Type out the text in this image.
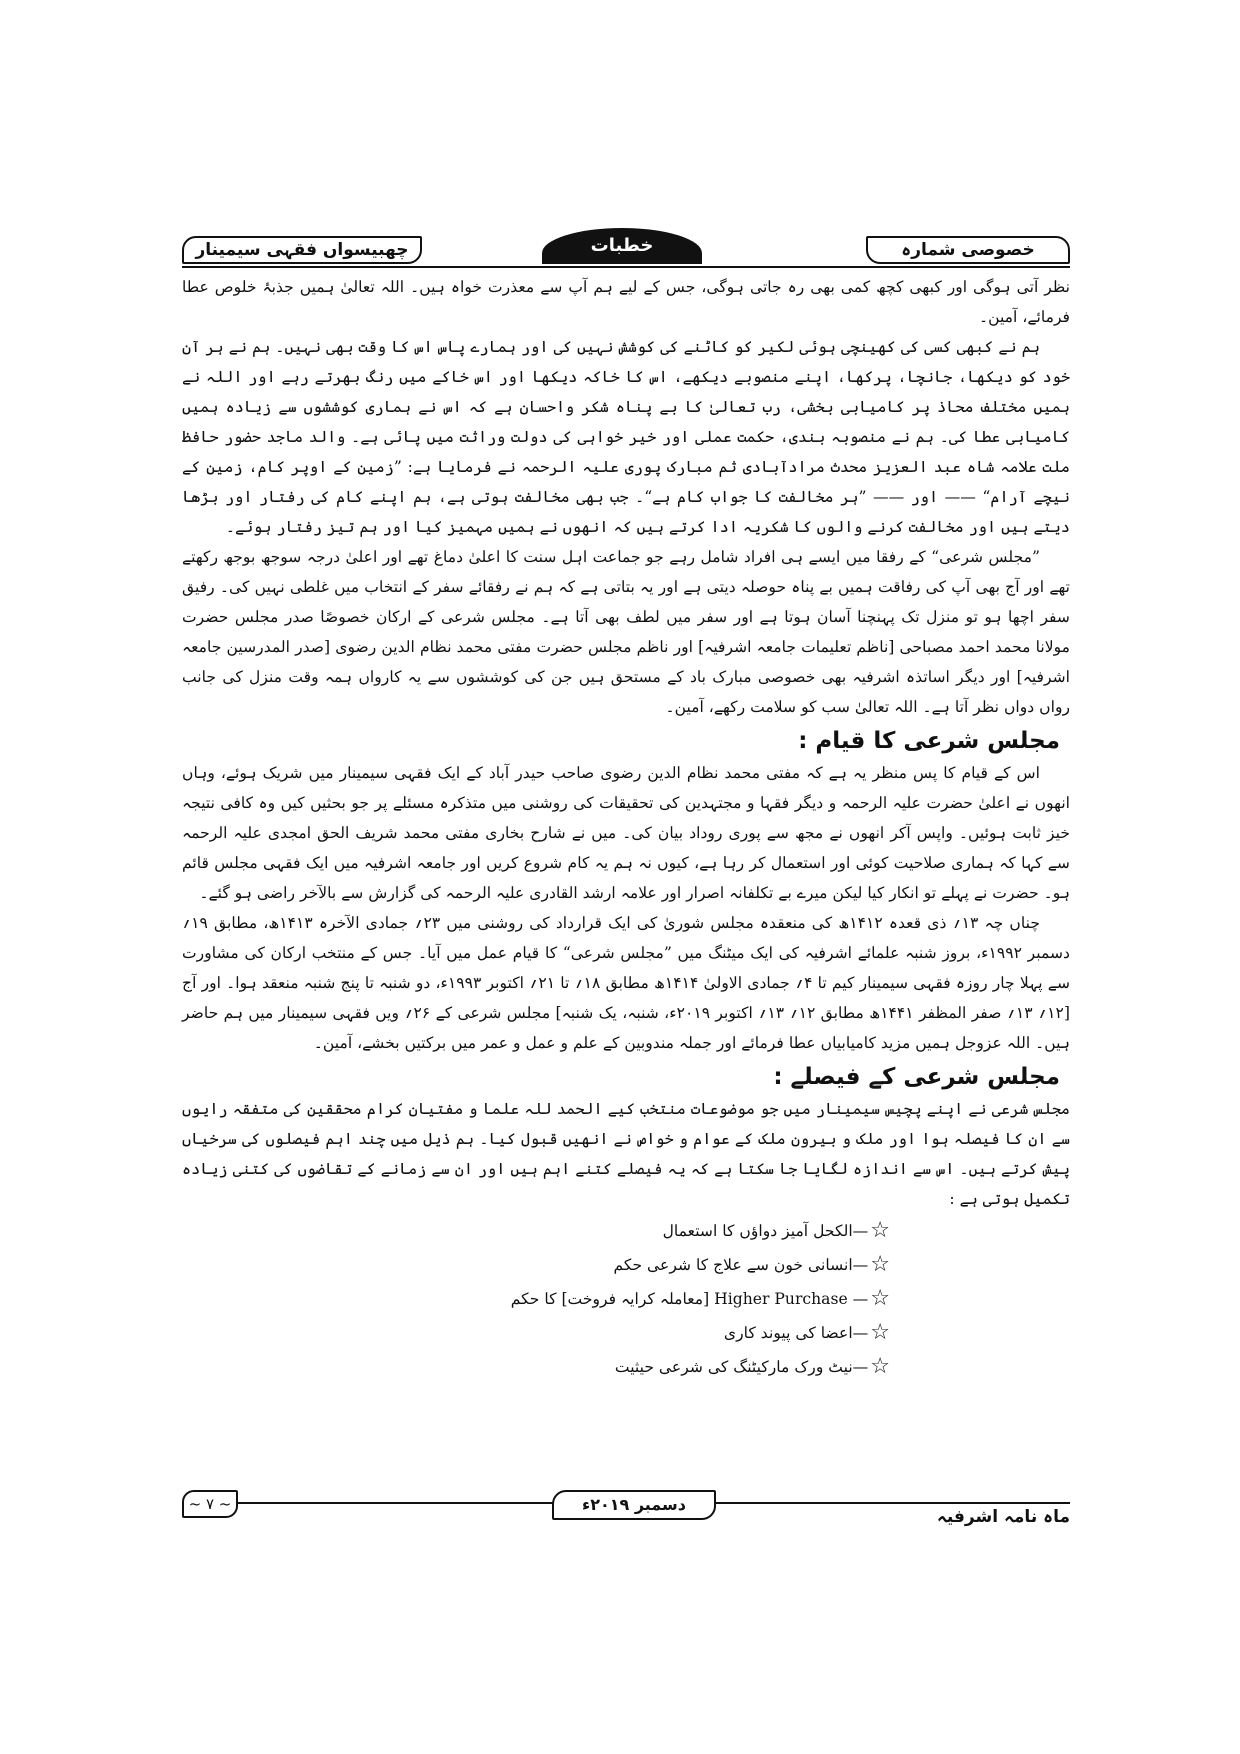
خصوصی شمارہ
خطبات
چھبیسواں فقہی سیمینار

نظر آتی ہوگی اور کبھی کچھ کمی بھی رہ جاتی ہوگی، جس کے لیے ہم آپ سے معذرت خواہ ہیں۔ اللہ تعالیٰ ہمیں جذبۂ خلوص عطا فرمائے، آمین۔

ہم نے کبھی کسی کی کھینچی ہوئی لکیر کو کاٹنے کی کوشش نہیں کی اور ہمارے پاس اس کا وقت بھی نہیں۔ ہم نے ہر آن خود کو دیکھا، جانچا، پرکھا، اپنے منصوبے دیکھے، اس کا خاکہ دیکھا اور اس خاکے میں رنگ بھرتے رہے اور اللہ نے ہمیں مختلف محاذ پر کامیابی بخشی، رب تعالیٰ کا بے پناہ شکر واحسان ہے کہ اس نے ہماری کوششوں سے زیادہ ہمیں کامیابی عطا کی۔ ہم نے منصوبہ بندی، حکمت عملی اور خیر خواہی کی دولت وراثت میں پائی ہے۔ والد ماجد حضور حافظ ملت علامہ شاہ عبد العزیز محدث مرادآبادی ثم مبارک پوری علیہ الرحمہ نے فرمایا ہے: ”زمین کے اوپر کام، زمین کے نیچے آرام“ —— اور —— ”ہر مخالفت کا جواب کام ہے“۔ جب بھی مخالفت ہوتی ہے، ہم اپنے کام کی رفتار اور بڑھا دیتے ہیں اور مخالفت کرنے والوں کا شکریہ ادا کرتے ہیں کہ انھوں نے ہمیں مہمیز کیا اور ہم تیز رفتار ہوئے۔

”مجلس شرعی“ کے رفقا میں ایسے ہی افراد شامل رہے جو جماعت اہل سنت کا اعلیٰ دماغ تھے اور اعلیٰ درجہ سوجھ بوجھ رکھتے تھے اور آج بھی آپ کی رفاقت ہمیں بے پناہ حوصلہ دیتی ہے اور یہ بتاتی ہے کہ ہم نے رفقائے سفر کے انتخاب میں غلطی نہیں کی۔ رفیق سفر اچھا ہو تو منزل تک پہنچنا آسان ہوتا ہے اور سفر میں لطف بھی آتا ہے۔ مجلس شرعی کے ارکان خصوصًا صدر مجلس حضرت مولانا محمد احمد مصباحی [ناظم تعلیمات جامعہ اشرفیہ] اور ناظم مجلس حضرت مفتی محمد نظام الدین رضوی [صدر المدرسین جامعہ اشرفیہ] اور دیگر اساتذہ اشرفیہ بھی خصوصی مبارک باد کے مستحق ہیں جن کی کوششوں سے یہ کارواں ہمہ وقت منزل کی جانب رواں دواں نظر آتا ہے۔ اللہ تعالیٰ سب کو سلامت رکھے، آمین۔

مجلس شرعی کا قیام :

اس کے قیام کا پس منظر یہ ہے کہ مفتی محمد نظام الدین رضوی صاحب حیدر آباد کے ایک فقہی سیمینار میں شریک ہوئے، وہاں انھوں نے اعلیٰ حضرت علیہ الرحمہ و دیگر فقہا و مجتہدین کی تحقیقات کی روشنی میں متذکرہ مسئلے پر جو بحثیں کیں وہ کافی نتیجہ خیز ثابت ہوئیں۔ واپس آکر انھوں نے مجھ سے پوری روداد بیان کی۔ میں نے شارح بخاری مفتی محمد شریف الحق امجدی علیہ الرحمہ سے کہا کہ ہماری صلاحیت کوئی اور استعمال کر رہا ہے، کیوں نہ ہم یہ کام شروع کریں اور جامعہ اشرفیہ میں ایک فقہی مجلس قائم ہو۔ حضرت نے پہلے تو انکار کیا لیکن میرے بے تکلفانہ اصرار اور علامہ ارشد القادری علیہ الرحمہ کی گزارش سے بالآخر راضی ہو گئے۔

چناں چہ ۱۳؍ ذی قعدہ ۱۴۱۲ھ کی منعقدہ مجلس شوریٰ کی ایک قرارداد کی روشنی میں ۲۳؍ جمادی الآخرہ ۱۴۱۳ھ، مطابق ۱۹؍ دسمبر ۱۹۹۲ء، بروز شنبہ علمائے اشرفیہ کی ایک میٹنگ میں ”مجلس شرعی“ کا قیام عمل میں آیا۔ جس کے منتخب ارکان کی مشاورت سے پہلا چار روزہ فقہی سیمینار کیم تا ۴؍ جمادی الاولیٰ ۱۴۱۴ھ مطابق ۱۸؍ تا ۲۱؍ اکتوبر ۱۹۹۳ء، دو شنبہ تا پنج شنبہ منعقد ہوا۔ اور آج [۱۲؍ ۱۳؍ صفر المظفر ۱۴۴۱ھ مطابق ۱۲؍ ۱۳؍ اکتوبر ۲۰۱۹ء، شنبہ، یک شنبہ] مجلس شرعی کے ۲۶؍ ویں فقہی سیمینار میں ہم حاضر ہیں۔ اللہ عزوجل ہمیں مزید کامیابیاں عطا فرمائے اور جملہ مندوبین کے علم و عمل و عمر میں برکتیں بخشے، آمین۔

مجلس شرعی کے فیصلے :

مجلس شرعی نے اپنے پچیس سیمینار میں جو موضوعات منتخب کیے الحمد للہ علما و مفتیان کرام محققین کی متفقہ رایوں سے ان کا فیصلہ ہوا اور ملک و بیرون ملک کے عوام و خواص نے انھیں قبول کیا۔ ہم ذیل میں چند اہم فیصلوں کی سرخیاں پیش کرتے ہیں۔ اس سے اندازہ لگایا جا سکتا ہے کہ یہ فیصلے کتنے اہم ہیں اور ان سے زمانے کے تقاضوں کی کتنی زیادہ تکمیل ہوتی ہے :

☆
—الکحل آمیز دواؤں کا استعمال
☆
—انسانی خون سے علاج کا شرعی حکم
☆
— Higher Purchase [معاملہ کرایہ فروخت] کا حکم
☆
—اعضا کی پیوند کاری
☆
—نیٹ ورک مارکیٹنگ کی شرعی حیثیت
ماہ نامہ اشرفیہ
دسمبر ۲۰۱۹ء
~ ۷ ~
